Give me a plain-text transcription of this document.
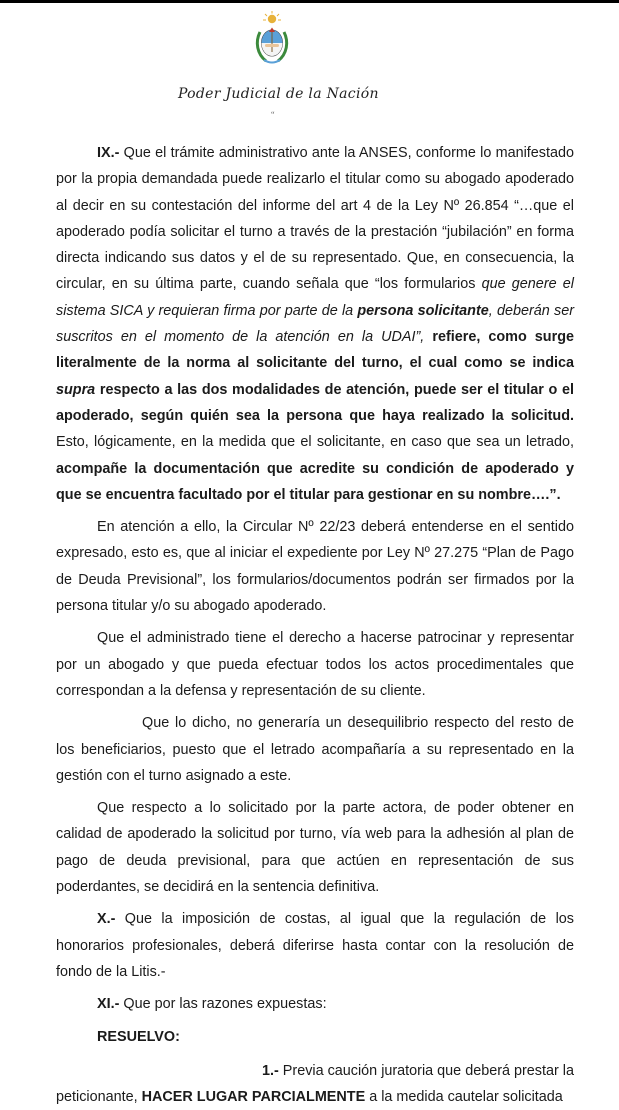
Poder Judicial de la Nación
“

IX.- Que el trámite administrativo ante la ANSES, conforme lo manifestado por la propia demandada puede realizarlo el titular como su abogado apoderado al decir en su contestación del informe del art 4 de la Ley Nº 26.854 “…que el apoderado podía solicitar el turno a través de la prestación “jubilación” en forma directa indicando sus datos y el de su representado. Que, en consecuencia, la circular, en su última parte, cuando señala que “los formularios que genere el sistema SICA y requieran firma por parte de la persona solicitante, deberán ser suscritos en el momento de la atención en la UDAI”, refiere, como surge literalmente de la norma al solicitante del turno, el cual como se indica supra respecto a las dos modalidades de atención, puede ser el titular o el apoderado, según quién sea la persona que haya realizado la solicitud. Esto, lógicamente, en la medida que el solicitante, en caso que sea un letrado, acompañe la documentación que acredite su condición de apoderado y que se encuentra facultado por el titular para gestionar en su nombre….”.

En atención a ello, la Circular Nº 22/23 deberá entenderse en el sentido expresado, esto es, que al iniciar el expediente por Ley Nº 27.275 “Plan de Pago de Deuda Previsional”, los formularios/documentos podrán ser firmados por la persona titular y/o su abogado apoderado.

Que el administrado tiene el derecho a hacerse patrocinar y representar por un abogado y que pueda efectuar todos los actos procedimentales que correspondan a la defensa y representación de su cliente.

Que lo dicho, no generaría un desequilibrio respecto del resto de los beneficiarios, puesto que el letrado acompañaría a su representado en la gestión con el turno asignado a este.

Que respecto a lo solicitado por la parte actora, de poder obtener en calidad de apoderado la solicitud por turno, vía web para la adhesión al plan de pago de deuda previsional, para que actúen en representación de sus poderdantes, se decidirá en la sentencia definitiva.

X.- Que la imposición de costas, al igual que la regulación de los honorarios profesionales, deberá diferirse hasta contar con la resolución de fondo de la Litis.-

XI.- Que por las razones expuestas:

RESUELVO:

1.- Previa caución juratoria que deberá prestar la peticionante, HACER LUGAR PARCIALMENTE a la medida cautelar solicitada
